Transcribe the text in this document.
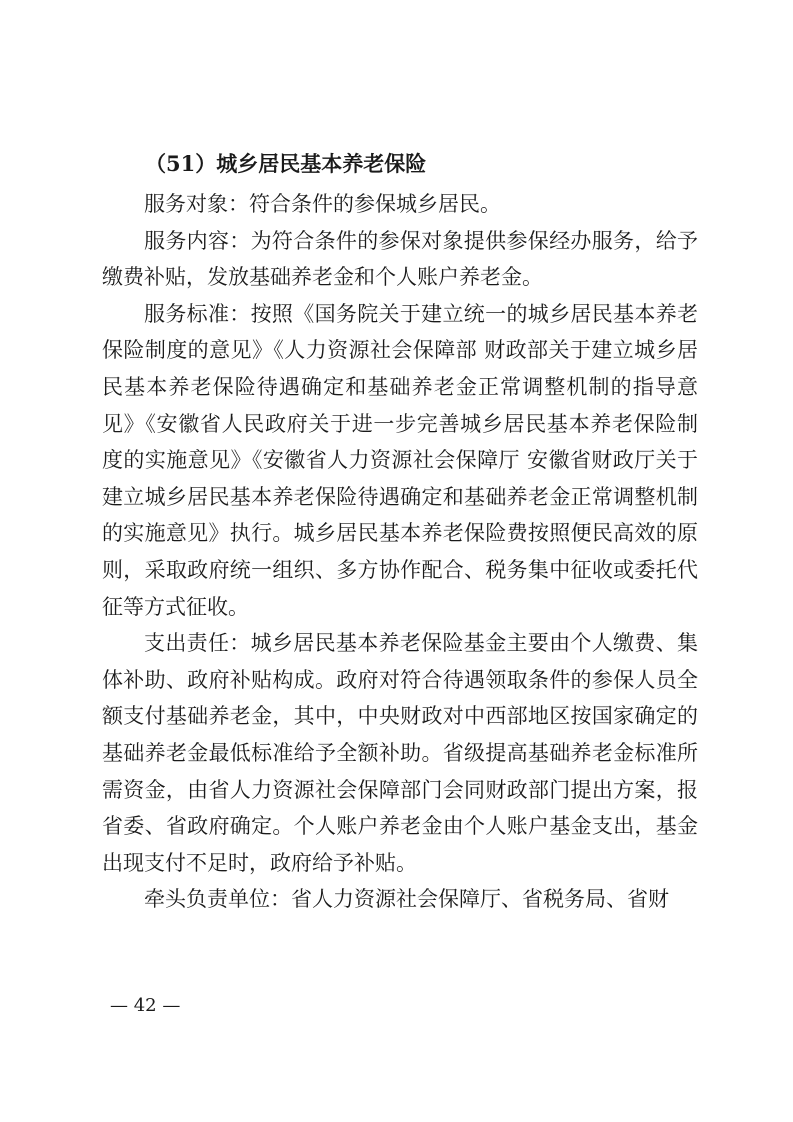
（51）城乡居民基本养老保险

服务对象：符合条件的参保城乡居民。

服务内容：为符合条件的参保对象提供参保经办服务，给予缴费补贴，发放基础养老金和个人账户养老金。

服务标准：按照《国务院关于建立统一的城乡居民基本养老保险制度的意见》《人力资源社会保障部 财政部关于建立城乡居民基本养老保险待遇确定和基础养老金正常调整机制的指导意见》《安徽省人民政府关于进一步完善城乡居民基本养老保险制度的实施意见》《安徽省人力资源社会保障厅 安徽省财政厅关于建立城乡居民基本养老保险待遇确定和基础养老金正常调整机制的实施意见》执行。城乡居民基本养老保险费按照便民高效的原则，采取政府统一组织、多方协作配合、税务集中征收或委托代征等方式征收。

支出责任：城乡居民基本养老保险基金主要由个人缴费、集体补助、政府补贴构成。政府对符合待遇领取条件的参保人员全额支付基础养老金，其中，中央财政对中西部地区按国家确定的基础养老金最低标准给予全额补助。省级提高基础养老金标准所需资金，由省人力资源社会保障部门会同财政部门提出方案，报省委、省政府确定。个人账户养老金由个人账户基金支出，基金出现支付不足时，政府给予补贴。

牵头负责单位：省人力资源社会保障厅、省税务局、省财

— 42 —
